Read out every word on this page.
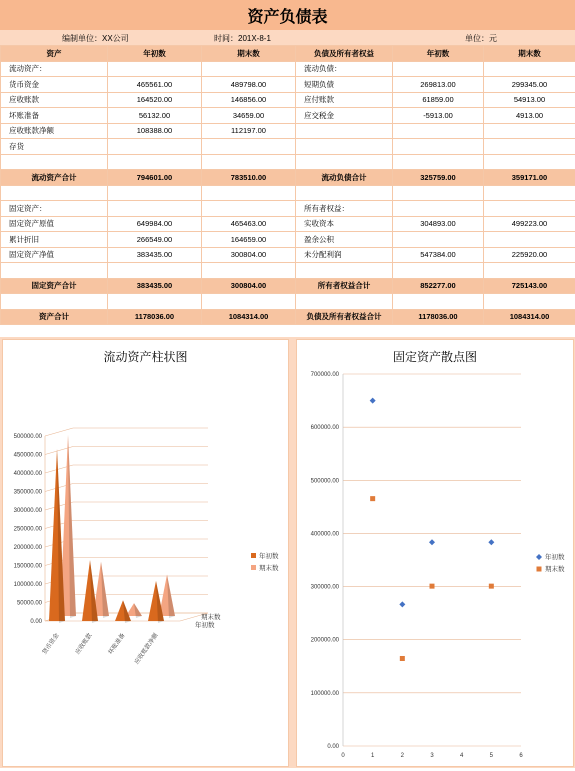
资产负债表
编制单位：XX公司	时间：201X-8-1	单位：元
资产	年初数	期末数	负债及所有者权益	年初数	期末数
流动资产：			流动负债：		
货币资金	465561.00	489798.00	短期负债	269813.00	299345.00
应收账款	164520.00	146856.00	应付账款	61859.00	54913.00
坏账准备	56132.00	34659.00	应交税金	-5913.00	4913.00
应收账款净额	108388.00	112197.00			
存货					

流动资产合计	794601.00	783510.00	流动负债合计	325759.00	359171.00

固定资产：			所有者权益：		
固定资产原值	649984.00	465463.00	实收资本	304893.00	499223.00
累计折旧	266549.00	164659.00	盈余公积		
固定资产净值	383435.00	300804.00	未分配利润	547384.00	225920.00

固定资产合计	383435.00	300804.00	所有者权益合计	852277.00	725143.00

资产合计	1178036.00	1084314.00	负债及所有者权益合计	1178036.00	1084314.00
流动资产柱状图
0.00
50000.00
100000.00
150000.00
200000.00
250000.00
300000.00
350000.00
400000.00
450000.00
500000.00
货币资金 应收账款 坏账准备 应收账款净额
年初数
期末数
年初数
期末数
固定资产散点图
0.00
100000.00
200000.00
300000.00
400000.00
500000.00
600000.00
700000.00
0	1	2	3	4	5	6
年初数
期末数
